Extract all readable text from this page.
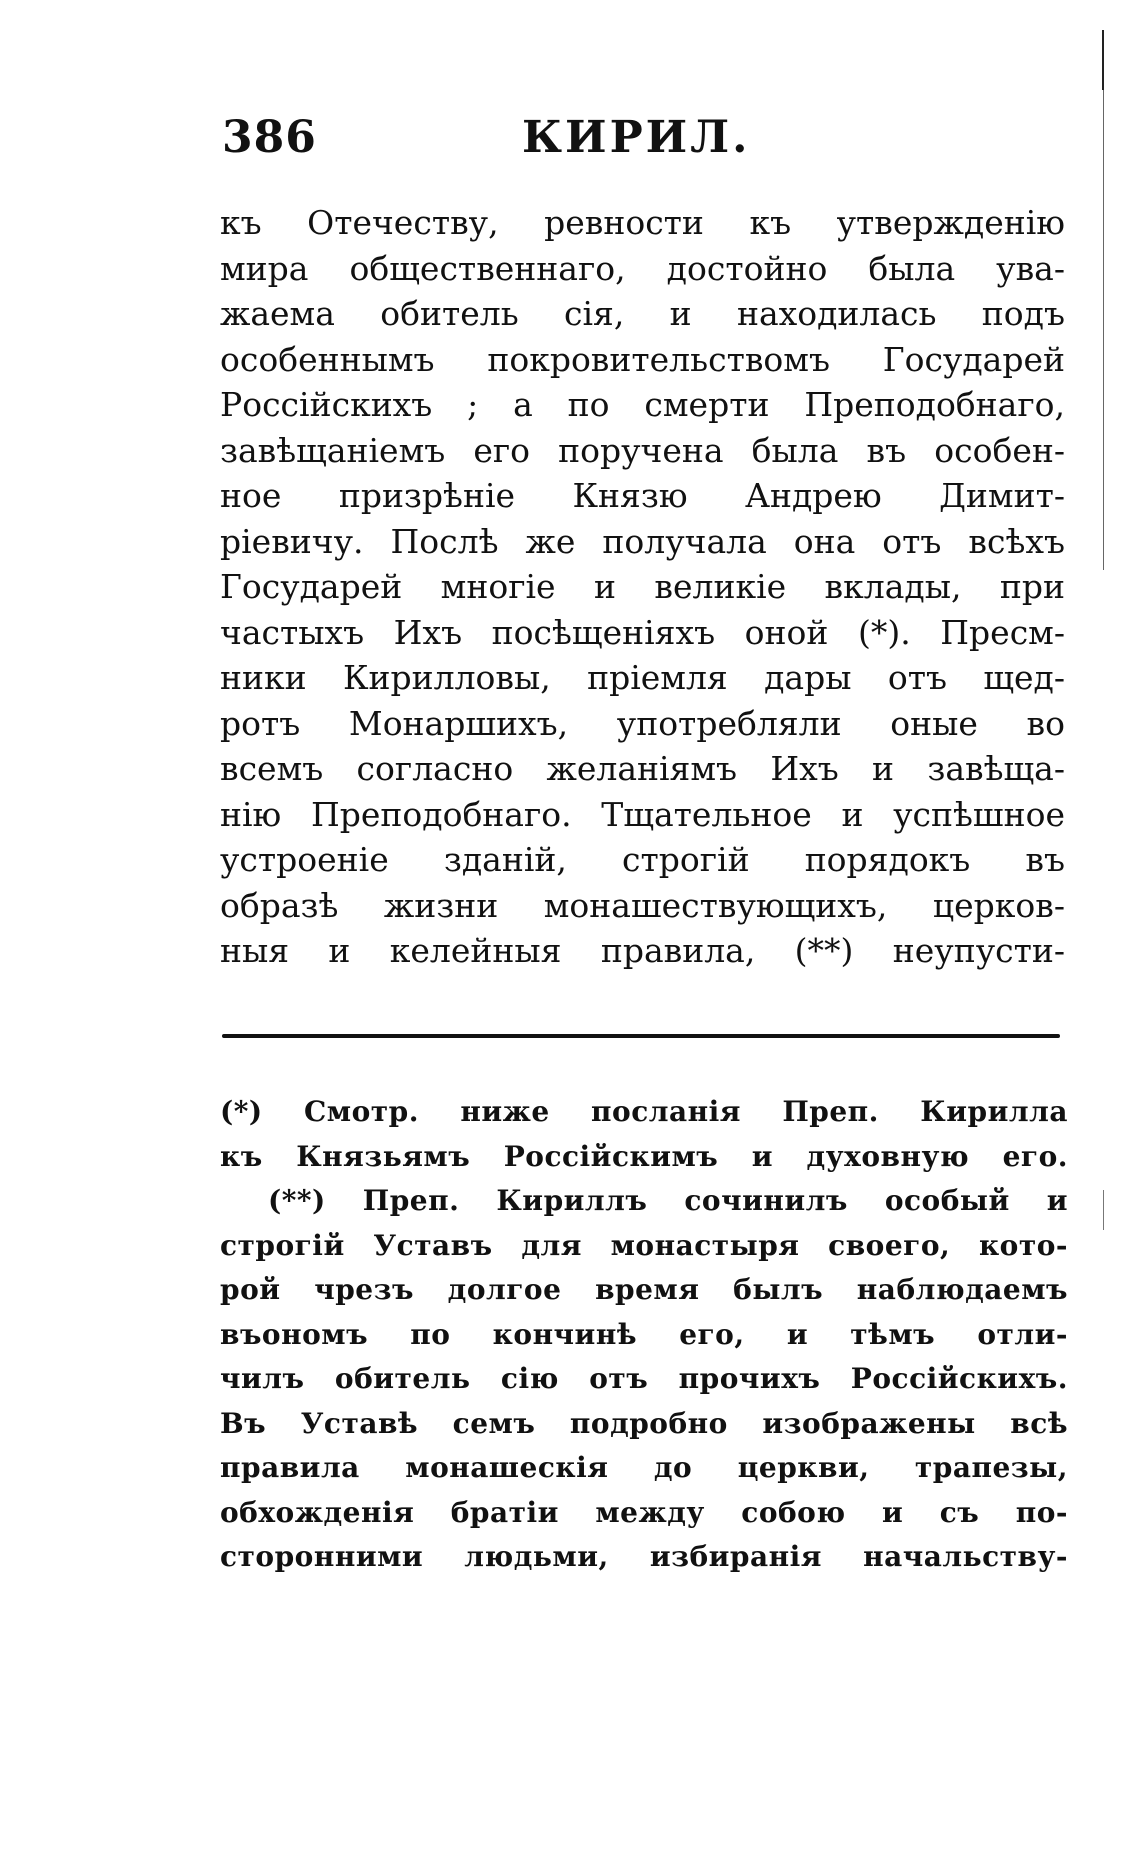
386	КИРИЛ.
къ Отечеству, ревности къ утвержденiю
мира общественнаго, достойно была ува-
жаема обитель сiя, и находилась подъ
особеннымъ покровительствомъ Государей
Россiйскихъ ; а по смерти Преподобнаго,
завѣщанiемъ его поручена была въ особен-
ное призрѣнiе Князю Андрею Димит-
рiевичу. Послѣ же получала она отъ всѣхъ
Государей многiе и великiе вклады, при
частыхъ Ихъ посѣщенiяхъ оной (*). Пресм-
ники Кирилловы, прiемля дары отъ щед-
ротъ Монаршихъ, употребляли оные во
всемъ согласно желанiямъ Ихъ и завѣща-
нiю Преподобнаго. Тщательное и успѣшное
устроенiе зданiй, строгiй порядокъ въ
образѣ жизни монашествующихъ, церков-
ныя и келейныя правила, (**) неупусти-
(*) Смотр. ниже посланiя Преп. Кирилла
къ Князьямъ Россiйскимъ и духовную его.
(**) Преп. Кириллъ сочинилъ особый и
строгiй Уставъ для монастыря своего, кото-
рой чрезъ долгое время былъ наблюдаемъ
въономъ по кончинѣ его, и тѣмъ отли-
чилъ обитель сiю отъ прочихъ Россiйскихъ.
Въ Уставѣ семъ подробно изображены всѣ
правила монашескiя до церкви, трапезы,
обхожденiя братiи между собою и съ по-
сторонними людьми, избиранiя начальству-
